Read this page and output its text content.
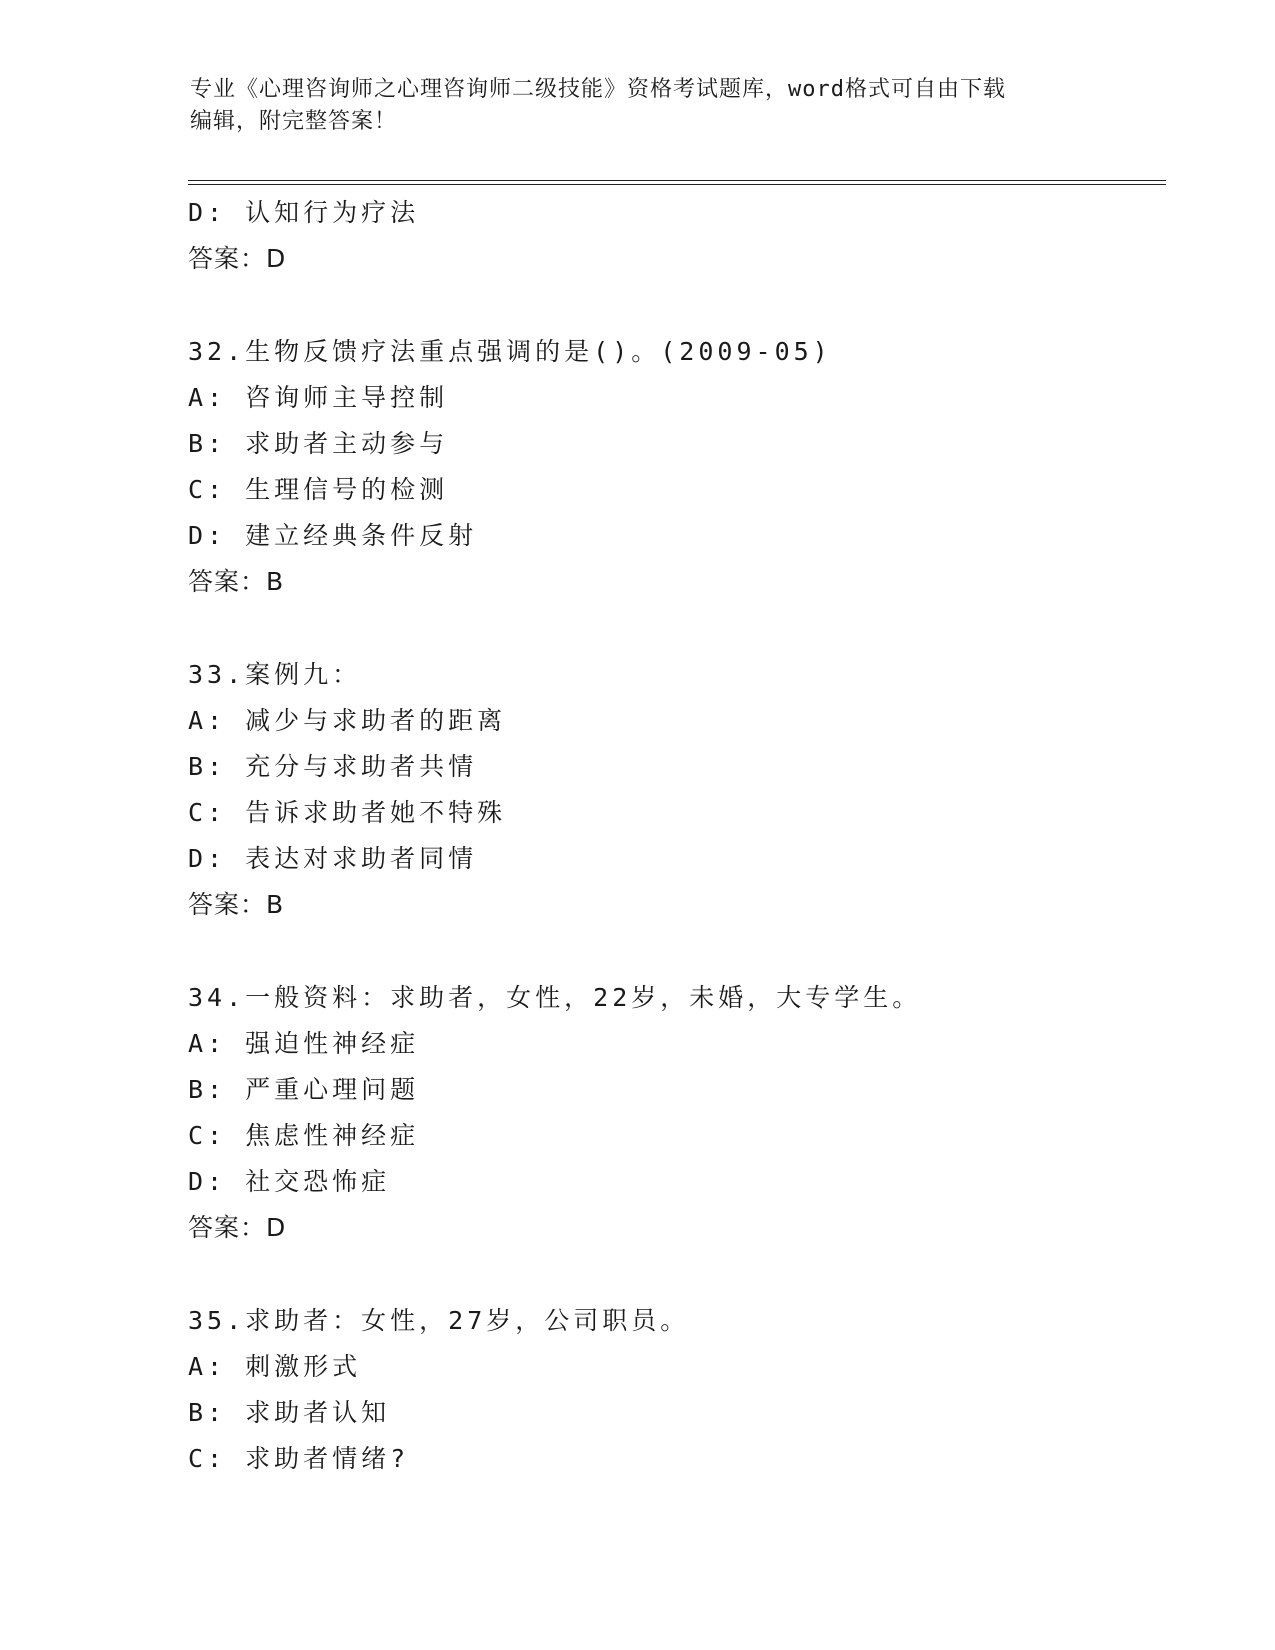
专业《心理咨询师之心理咨询师二级技能》资格考试题库，word格式可自由下载
编辑，附完整答案！
D: 认知行为疗法
答案：D
32.生物反馈疗法重点强调的是()。(2009-05)
A: 咨询师主导控制
B: 求助者主动参与
C: 生理信号的检测
D: 建立经典条件反射
答案：B
33.案例九：
A: 减少与求助者的距离
B: 充分与求助者共情
C: 告诉求助者她不特殊
D: 表达对求助者同情
答案：B
34.一般资料：求助者，女性，22岁，未婚，大专学生。
A: 强迫性神经症
B: 严重心理问题
C: 焦虑性神经症
D: 社交恐怖症
答案：D
35.求助者：女性，27岁，公司职员。
A: 刺激形式
B: 求助者认知
C: 求助者情绪?
